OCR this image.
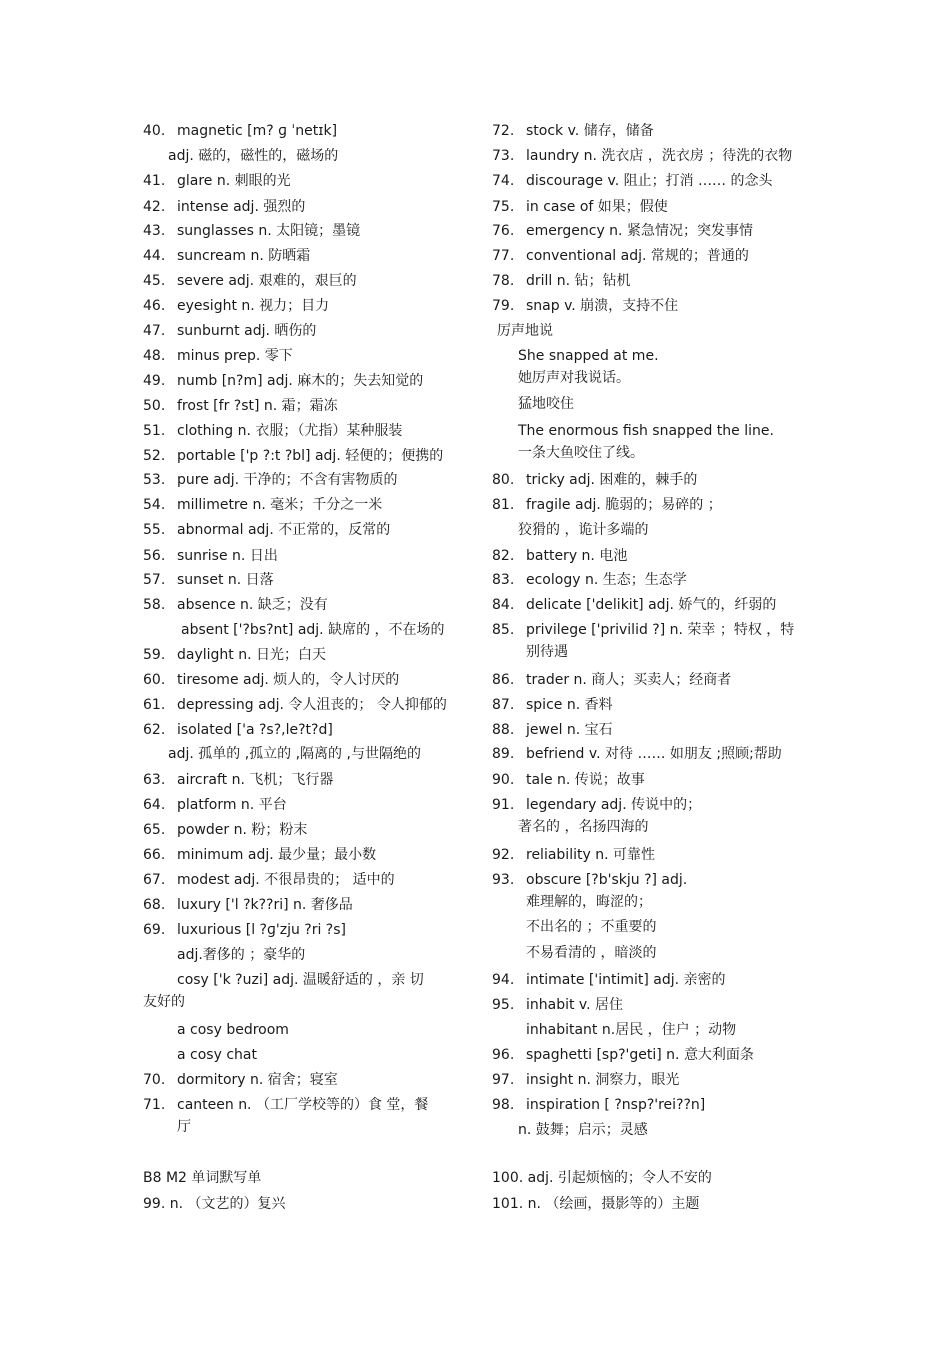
40. magnetic [m? ɡ ˈnetɪk]
adj. 磁的，磁性的，磁场的
41. glare n. 刺眼的光
42. intense adj. 强烈的
43. sunglasses n. 太阳镜；墨镜
44. suncream n. 防晒霜
45. severe adj. 艰难的，艰巨的
46. eyesight n. 视力；目力
47. sunburnt adj. 晒伤的
48. minus prep. 零下
49. numb [n?m] adj. 麻木的；失去知觉的
50. frost [fr ?st] n. 霜；霜冻
51. clothing n. 衣服；（尤指）某种服装
52. portable ['p ?:t ?bl] adj. 轻便的；便携的
53. pure adj. 干净的；不含有害物质的
54. millimetre n. 毫米；千分之一米
55. abnormal adj. 不正常的，反常的
56. sunrise n. 日出
57. sunset n. 日落
58. absence n. 缺乏；没有
absent ['?bs?nt] adj. 缺席的 ，不在场的
59. daylight n. 日光；白天
60. tiresome adj. 烦人的，令人讨厌的
61. depressing adj. 令人沮丧的； 令人抑郁的
62. isolated ['a ?s?,le?t?d]
adj. 孤单的 ,孤立的 ,隔离的 ,与世隔绝的
63. aircraft n. 飞机；飞行器
64. platform n. 平台
65. powder n. 粉；粉末
66. minimum adj. 最少量；最小数
67. modest adj. 不很昂贵的； 适中的
68. luxury ['l ?k??ri] n. 奢侈品
69. luxurious [l ?ɡ'zju ?ri ?s]
adj.奢侈的 ；豪华的
cosy ['k ?uzi] adj. 温暖舒适的 ，亲 切
友好的
a cosy bedroom
a cosy chat
70. dormitory n. 宿舍；寝室
71. canteen n. （工厂学校等的）食 堂，餐
厅
72. stock v. 储存，储备
73. laundry n. 洗衣店 ，洗衣房 ；待洗的衣物
74. discourage v. 阻止；打消 …… 的念头
75. in case of 如果；假使
76. emergency n. 紧急情况；突发事情
77. conventional adj. 常规的；普通的
78. drill n. 钻；钻机
79. snap v. 崩溃，支持不住
厉声地说
She snapped at me.
她厉声对我说话。
猛地咬住
The enormous fish snapped the line.
一条大鱼咬住了线。
80. tricky adj. 困难的，棘手的
81. fragile adj. 脆弱的；易碎的 ；
狡猾的 ，诡计多端的
82. battery n. 电池
83. ecology n. 生态；生态学
84. delicate ['delikit] adj. 娇气的，纤弱的
85. privilege ['privilid ?] n. 荣幸 ；特权 ，特
别待遇
86. trader n. 商人；买卖人；经商者
87. spice n. 香料
88. jewel n. 宝石
89. befriend v. 对待 …… 如朋友 ;照顾;帮助
90. tale n. 传说；故事
91. legendary adj. 传说中的；
著名的 ，名扬四海的
92. reliability n. 可靠性
93. obscure [?b'skju ?] adj.
难理解的，晦涩的；
不出名的 ；不重要的
不易看清的 ，暗淡的
94. intimate ['intimit] adj. 亲密的
95. inhabit v. 居住
inhabitant n.居民 ，住户 ；动物
96. spaghetti [sp?'geti] n. 意大利面条
97. insight n. 洞察力，眼光
98. inspiration [ ?nsp?'rei??n]
n. 鼓舞；启示；灵感
B8 M2 单词默写单
99. n. （文艺的）复兴
100. adj. 引起烦恼的；令人不安的
101. n. （绘画，摄影等的）主题
